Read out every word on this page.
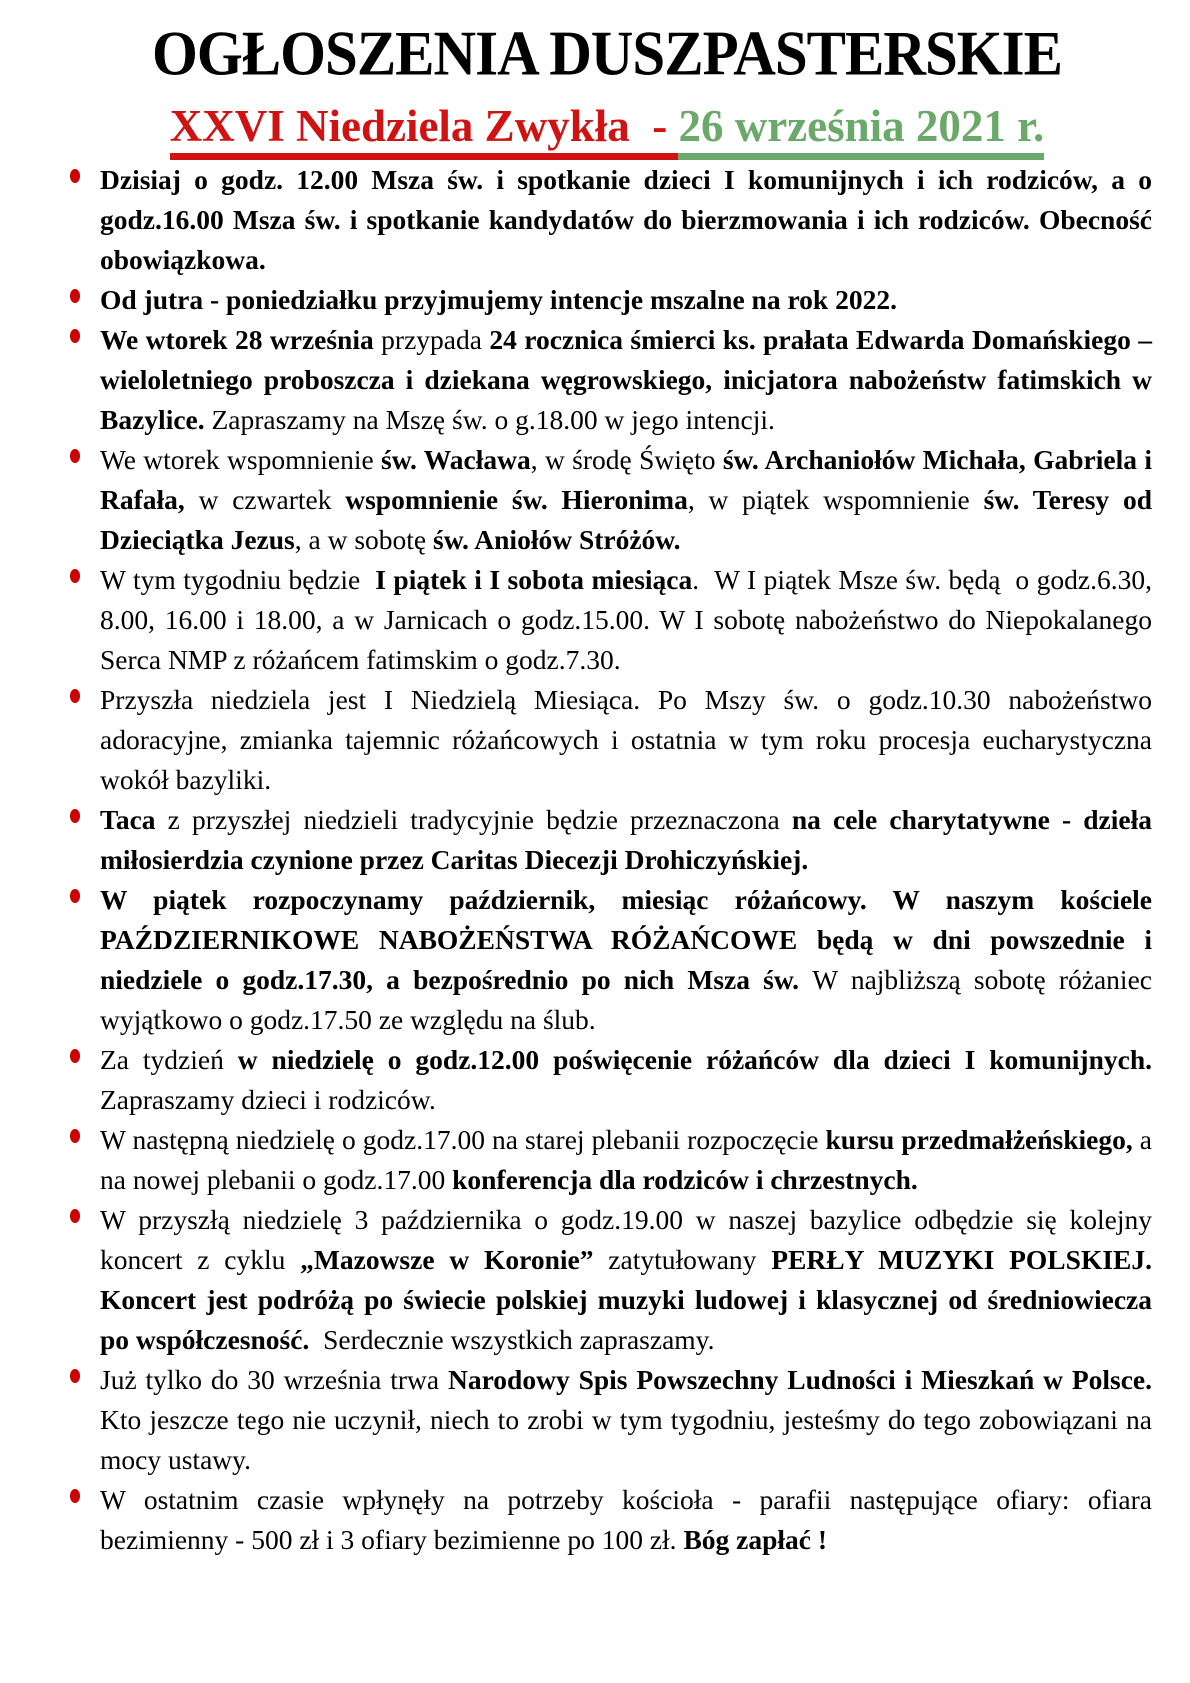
OGŁOSZENIA DUSZPASTERSKIE
XXVI Niedziela Zwykła  - 26 września 2021 r.
Dzisiaj o godz. 12.00 Msza św. i spotkanie dzieci I komunijnych i ich rodziców, a o godz.16.00 Msza św. i spotkanie kandydatów do bierzmowania i ich rodziców. Obecność obowiązkowa.
Od jutra - poniedziałku przyjmujemy intencje mszalne na rok 2022.
We wtorek 28 września przypada 24 rocznica śmierci ks. prałata Edwarda Domańskiego – wieloletniego proboszcza i dziekana węgrowskiego, inicjatora nabożeństw fatimskich w Bazylice. Zapraszamy na Mszę św. o g.18.00 w jego intencji.
We wtorek wspomnienie św. Wacława, w środę Święto św. Archaniołów Michała, Gabriela i Rafała, w czwartek wspomnienie św. Hieronima, w piątek wspomnienie św. Teresy od Dzieciątka Jezus, a w sobotę św. Aniołów Stróżów.
W tym tygodniu będzie  I piątek i I sobota miesiąca.  W I piątek Msze św. będą  o godz.6.30, 8.00, 16.00 i 18.00, a w Jarnicach o godz.15.00. W I sobotę nabożeństwo do Niepokalanego Serca NMP z różańcem fatimskim o godz.7.30.
Przyszła niedziela jest I Niedzielą Miesiąca. Po Mszy św. o godz.10.30 nabożeństwo adoracyjne, zmianka tajemnic różańcowych i ostatnia w tym roku procesja eucharystyczna wokół bazyliki.
Taca z przyszłej niedzieli tradycyjnie będzie przeznaczona na cele charytatywne - dzieła miłosierdzia czynione przez Caritas Diecezji Drohiczyńskiej.
W piątek rozpoczynamy październik, miesiąc różańcowy. W naszym kościele PAŹDZIERNIKOWE NABOŻEŃSTWA RÓŻAŃCOWE będą w dni powszednie i niedziele o godz.17.30, a bezpośrednio po nich Msza św. W najbliższą sobotę różaniec wyjątkowo o godz.17.50 ze względu na ślub.
Za tydzień w niedzielę o godz.12.00 poświęcenie różańców dla dzieci I komunijnych. Zapraszamy dzieci i rodziców.
W następną niedzielę o godz.17.00 na starej plebanii rozpoczęcie kursu przedmałżeńskiego, a na nowej plebanii o godz.17.00 konferencja dla rodziców i chrzestnych.
W przyszłą niedzielę 3 października o godz.19.00 w naszej bazylice odbędzie się kolejny koncert z cyklu „Mazowsze w Koronie” zatytułowany PERŁY MUZYKI POLSKIEJ. Koncert jest podróżą po świecie polskiej muzyki ludowej i klasycznej od średniowiecza po współczesność.  Serdecznie wszystkich zapraszamy.
Już tylko do 30 września trwa Narodowy Spis Powszechny Ludności i Mieszkań w Polsce. Kto jeszcze tego nie uczynił, niech to zrobi w tym tygodniu, jesteśmy do tego zobowiązani na mocy ustawy.
W ostatnim czasie wpłynęły na potrzeby kościoła - parafii następujące ofiary: ofiara bezimienny - 500 zł i 3 ofiary bezimienne po 100 zł. Bóg zapłać !
